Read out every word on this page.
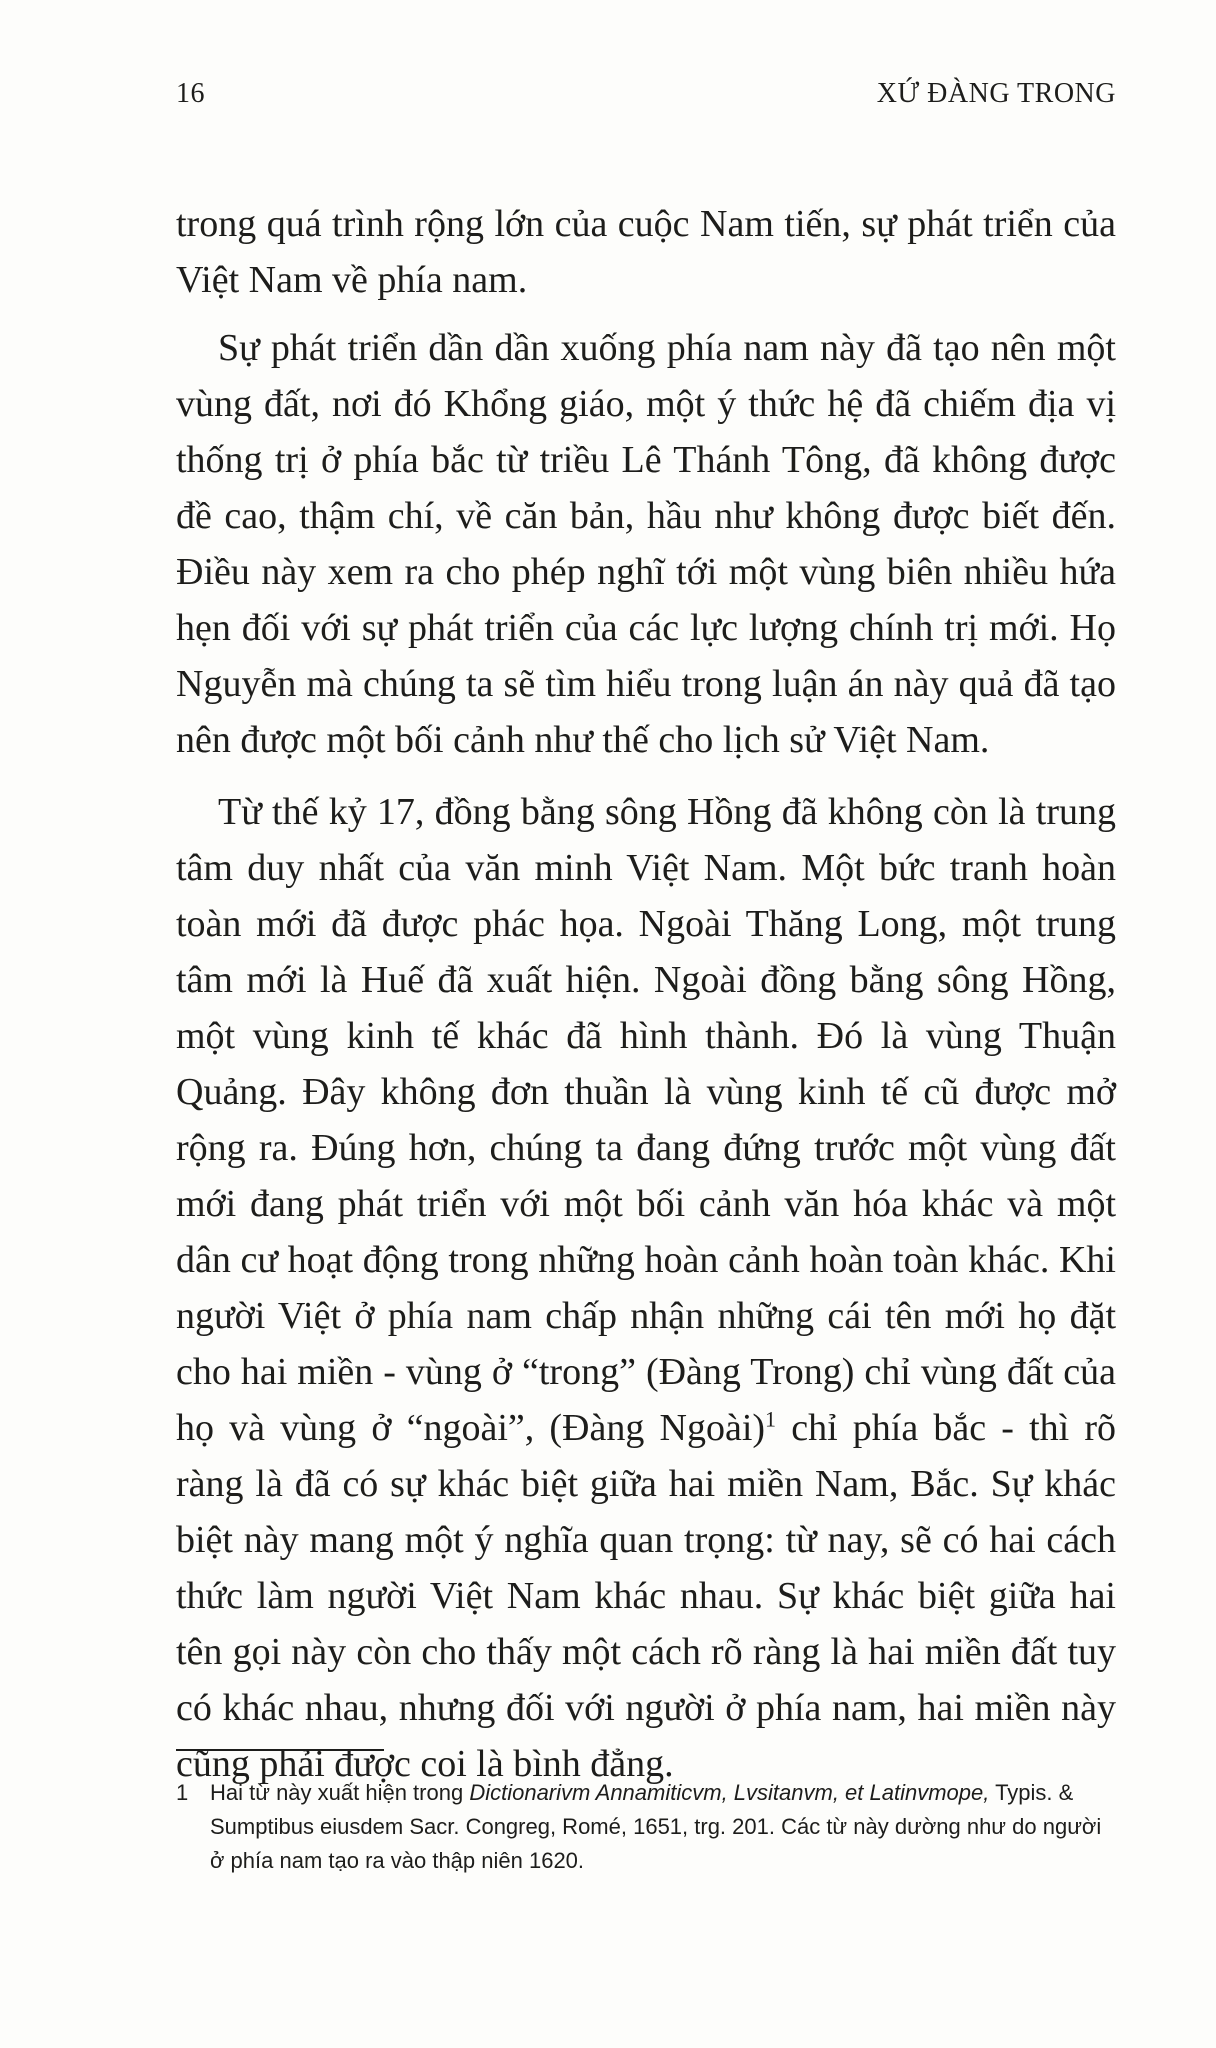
16	XỨ ĐÀNG TRONG

trong quá trình rộng lớn của cuộc Nam tiến, sự phát triển của Việt Nam về phía nam.

Sự phát triển dần dần xuống phía nam này đã tạo nên một vùng đất, nơi đó Khổng giáo, một ý thức hệ đã chiếm địa vị thống trị ở phía bắc từ triều Lê Thánh Tông, đã không được đề cao, thậm chí, về căn bản, hầu như không được biết đến. Điều này xem ra cho phép nghĩ tới một vùng biên nhiều hứa hẹn đối với sự phát triển của các lực lượng chính trị mới. Họ Nguyễn mà chúng ta sẽ tìm hiểu trong luận án này quả đã tạo nên được một bối cảnh như thế cho lịch sử Việt Nam.

Từ thế kỷ 17, đồng bằng sông Hồng đã không còn là trung tâm duy nhất của văn minh Việt Nam. Một bức tranh hoàn toàn mới đã được phác họa. Ngoài Thăng Long, một trung tâm mới là Huế đã xuất hiện. Ngoài đồng bằng sông Hồng, một vùng kinh tế khác đã hình thành. Đó là vùng Thuận Quảng. Đây không đơn thuần là vùng kinh tế cũ được mở rộng ra. Đúng hơn, chúng ta đang đứng trước một vùng đất mới đang phát triển với một bối cảnh văn hóa khác và một dân cư hoạt động trong những hoàn cảnh hoàn toàn khác. Khi người Việt ở phía nam chấp nhận những cái tên mới họ đặt cho hai miền - vùng ở “trong” (Đàng Trong) chỉ vùng đất của họ và vùng ở “ngoài”, (Đàng Ngoài)$^1$ chỉ phía bắc - thì rõ ràng là đã có sự khác biệt giữa hai miền Nam, Bắc. Sự khác biệt này mang một ý nghĩa quan trọng: từ nay, sẽ có hai cách thức làm người Việt Nam khác nhau. Sự khác biệt giữa hai tên gọi này còn cho thấy một cách rõ ràng là hai miền đất tuy có khác nhau, nhưng đối với người ở phía nam, hai miền này cũng phải được coi là bình đẳng.

1 Hai từ này xuất hiện trong Dictionarivm Annamiticvm, Lvsitanvm, et Latinvmope, Typis. & Sumptibus eiusdem Sacr. Congreg, Romé, 1651, trg. 201. Các từ này dường như do người ở phía nam tạo ra vào thập niên 1620.
